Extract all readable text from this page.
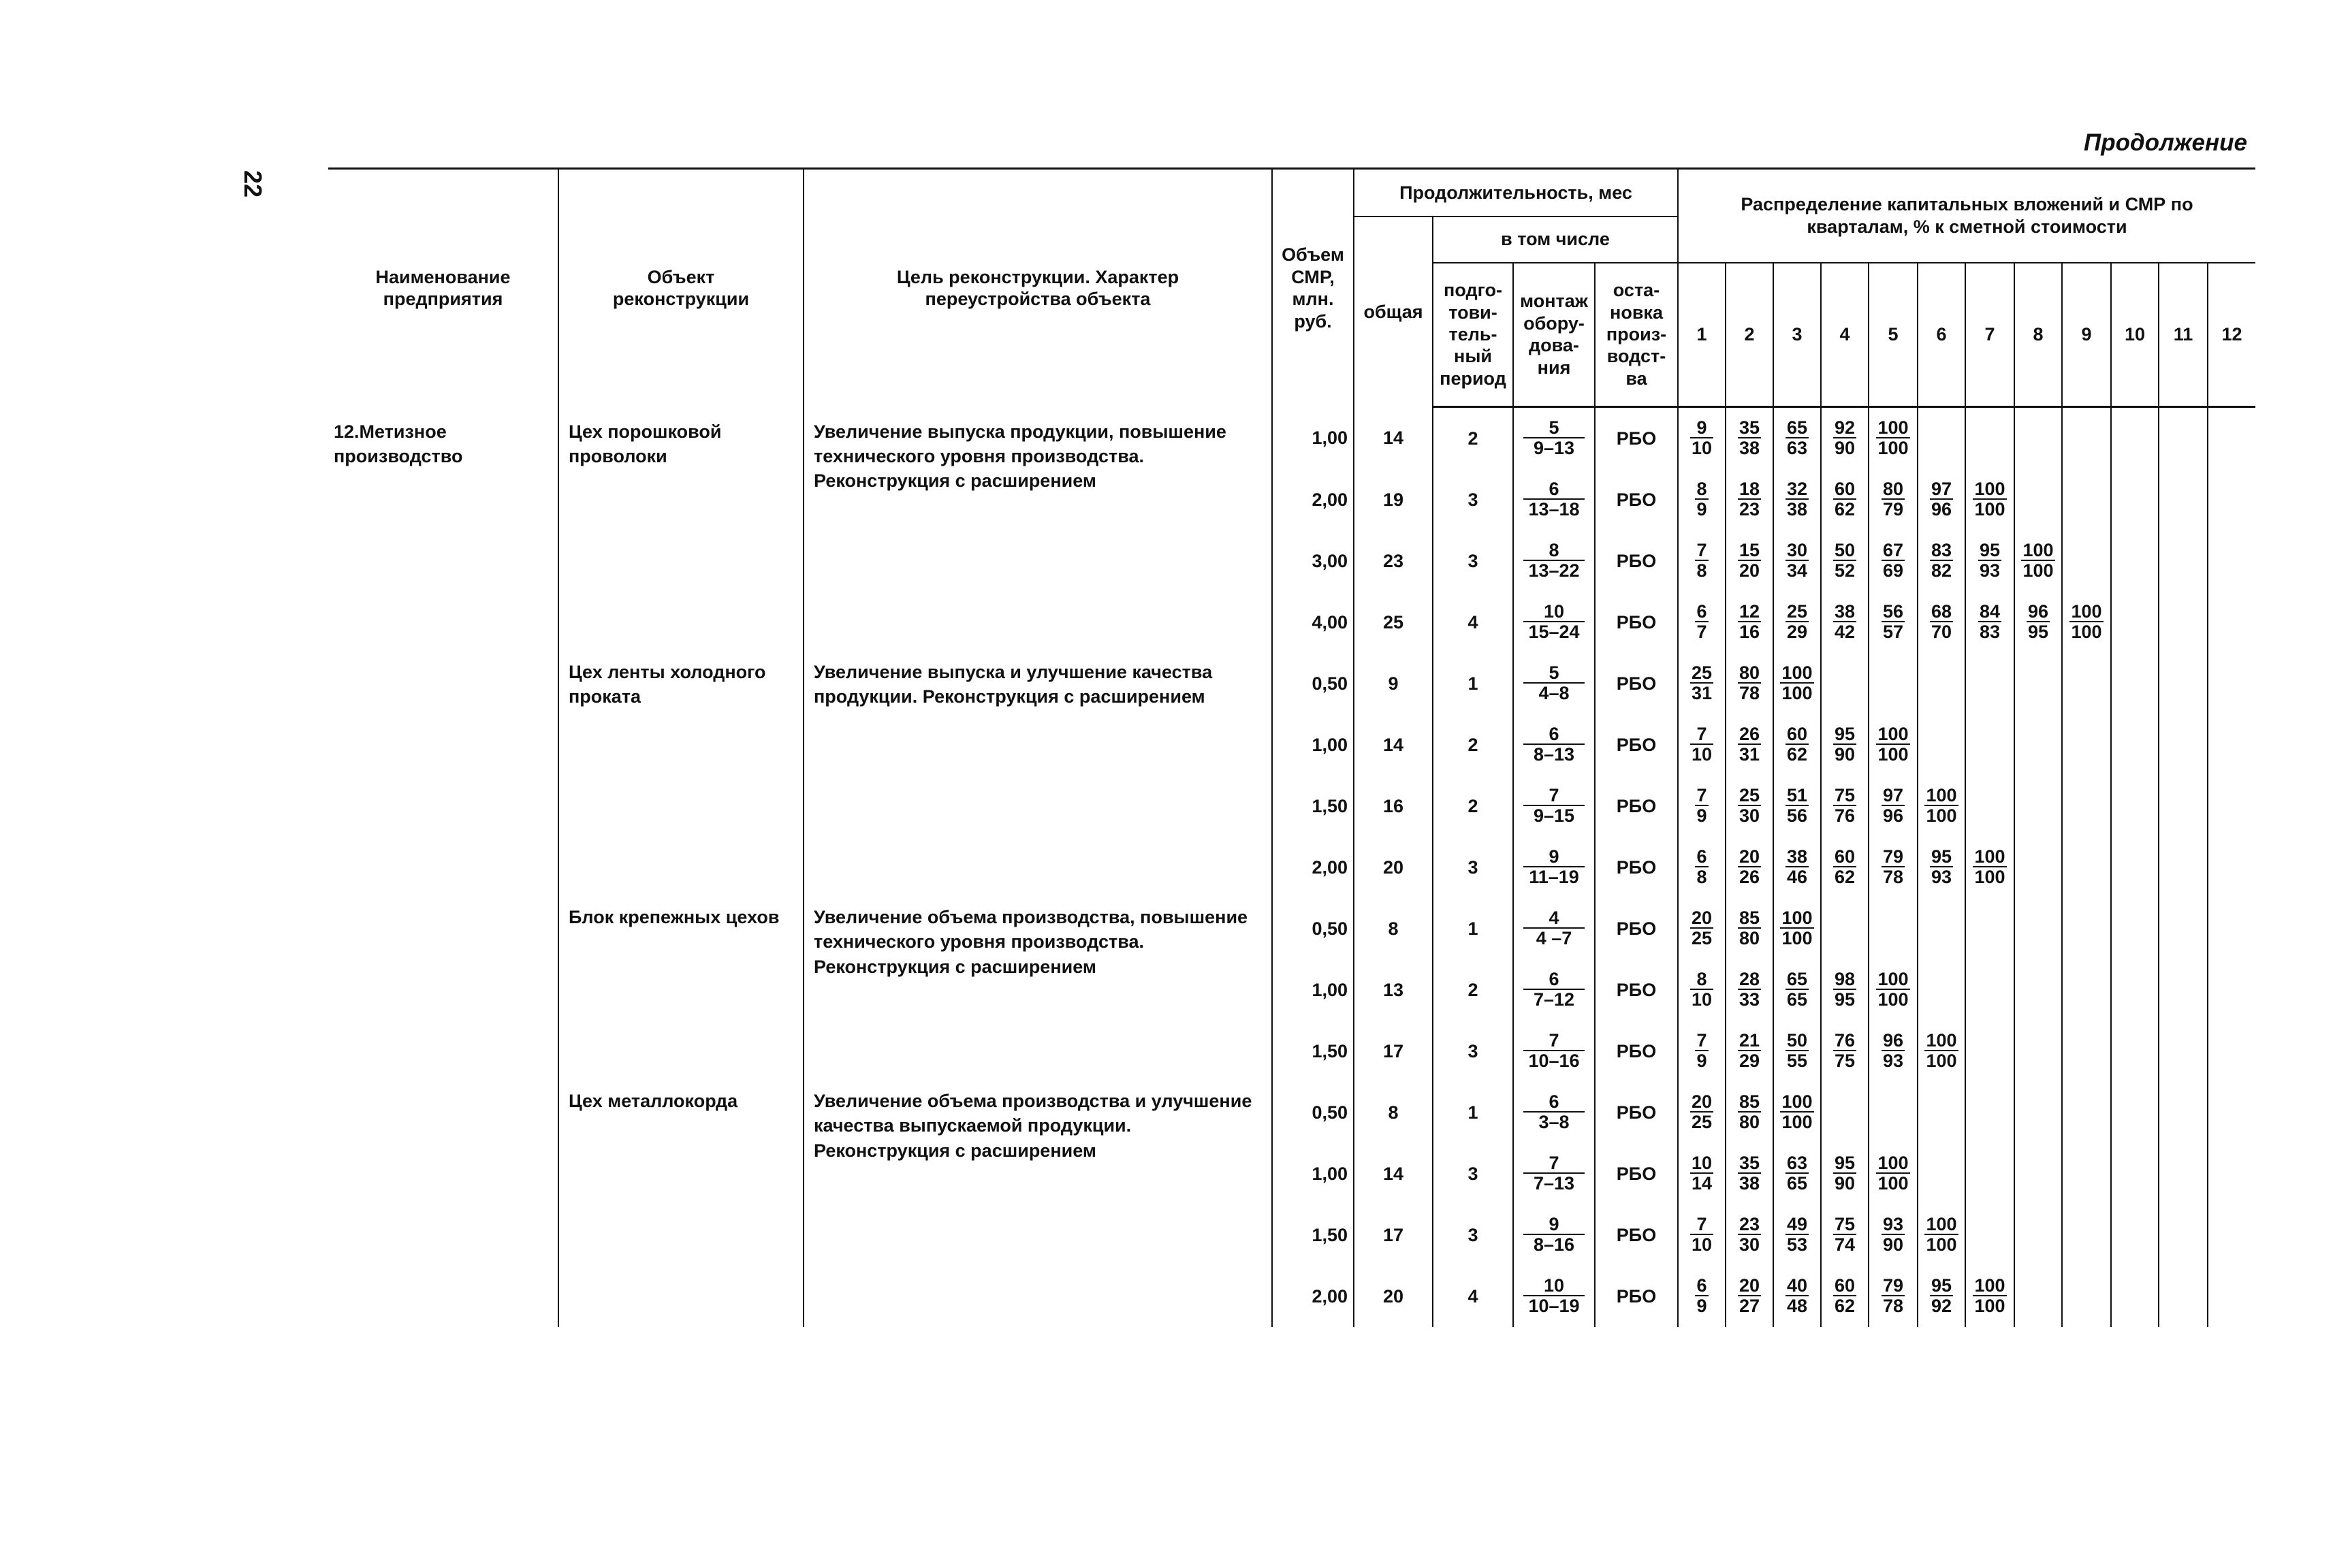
22
Продолжение
Наименование предприятия	Объект реконструкции	Цель реконструкции. Характер переустройства объекта	Объем СМР, млн. руб.	Продолжительность, мес				Распределение капитальных вложений и СМР по кварталам, % к сметной стоимости											
				общая	в том числе														
					подго-тови-тель-ный период	монтаж обору-дова-ния	оста-новка произ-водст-ва	1	2	3	4	5	6	7	8	9	10	11	12
12.Метизное производство	Цех порошковой проволоки	Увеличение выпуска продукции, повышение технического уровня производства. Реконструкция с расширением	1,00	14	2	$\frac{5}{9-13}$	РБО	$\frac{9}{10}$	$\frac{35}{38}$	$\frac{65}{63}$	$\frac{92}{90}$	$\frac{100}{100}$

			2,00	19	3	$\frac{6}{13-18}$	РБО	$\frac{8}{9}$	$\frac{18}{23}$	$\frac{32}{38}$	$\frac{60}{62}$	$\frac{80}{79}$	$\frac{97}{96}$	$\frac{100}{100}$

			3,00	23	3	$\frac{8}{13-22}$	РБО	$\frac{7}{8}$	$\frac{15}{20}$	$\frac{30}{34}$	$\frac{50}{52}$	$\frac{67}{69}$	$\frac{83}{82}$	$\frac{95}{93}$	$\frac{100}{100}$

			4,00	25	4	$\frac{10}{15-24}$	РБО	$\frac{6}{7}$	$\frac{12}{16}$	$\frac{25}{29}$	$\frac{38}{42}$	$\frac{56}{57}$	$\frac{68}{70}$	$\frac{84}{83}$	$\frac{96}{95}$	$\frac{100}{100}$

	Цех ленты холодного проката	Увеличение выпуска и улучшение качества продукции. Реконструкция с расширением	0,50	9	1	$\frac{5}{4-8}$	РБО	$\frac{25}{31}$	$\frac{80}{78}$	$\frac{100}{100}$

			1,00	14	2	$\frac{6}{8-13}$	РБО	$\frac{7}{10}$	$\frac{26}{31}$	$\frac{60}{62}$	$\frac{95}{90}$	$\frac{100}{100}$

			1,50	16	2	$\frac{7}{9-15}$	РБО	$\frac{7}{9}$	$\frac{25}{30}$	$\frac{51}{56}$	$\frac{75}{76}$	$\frac{97}{96}$	$\frac{100}{100}$

			2,00	20	3	$\frac{9}{11-19}$	РБО	$\frac{6}{8}$	$\frac{20}{26}$	$\frac{38}{46}$	$\frac{60}{62}$	$\frac{79}{78}$	$\frac{95}{93}$	$\frac{100}{100}$

	Блок крепежных цехов	Увеличение объема производства, повышение технического уровня производства. Реконструкция с расширением	0,50	8	1	$\frac{4}{4 -7}$	РБО	$\frac{20}{25}$	$\frac{85}{80}$	$\frac{100}{100}$

			1,00	13	2	$\frac{6}{7-12}$	РБО	$\frac{8}{10}$	$\frac{28}{33}$	$\frac{65}{65}$	$\frac{98}{95}$	$\frac{100}{100}$

			1,50	17	3	$\frac{7}{10-16}$	РБО	$\frac{7}{9}$	$\frac{21}{29}$	$\frac{50}{55}$	$\frac{76}{75}$	$\frac{96}{93}$	$\frac{100}{100}$

	Цех металлокорда	Увеличение объема производства и улучшение качества выпускаемой продукции. Реконструкция с расширением	0,50	8	1	$\frac{6}{3-8}$	РБО	$\frac{20}{25}$	$\frac{85}{80}$	$\frac{100}{100}$

			1,00	14	3	$\frac{7}{7-13}$	РБО	$\frac{10}{14}$	$\frac{35}{38}$	$\frac{63}{65}$	$\frac{95}{90}$	$\frac{100}{100}$

			1,50	17	3	$\frac{9}{8-16}$	РБО	$\frac{7}{10}$	$\frac{23}{30}$	$\frac{49}{53}$	$\frac{75}{74}$	$\frac{93}{90}$	$\frac{100}{100}$

			2,00	20	4	$\frac{10}{10-19}$	РБО	$\frac{6}{9}$	$\frac{20}{27}$	$\frac{40}{48}$	$\frac{60}{62}$	$\frac{79}{78}$	$\frac{95}{92}$	$\frac{100}{100}$
